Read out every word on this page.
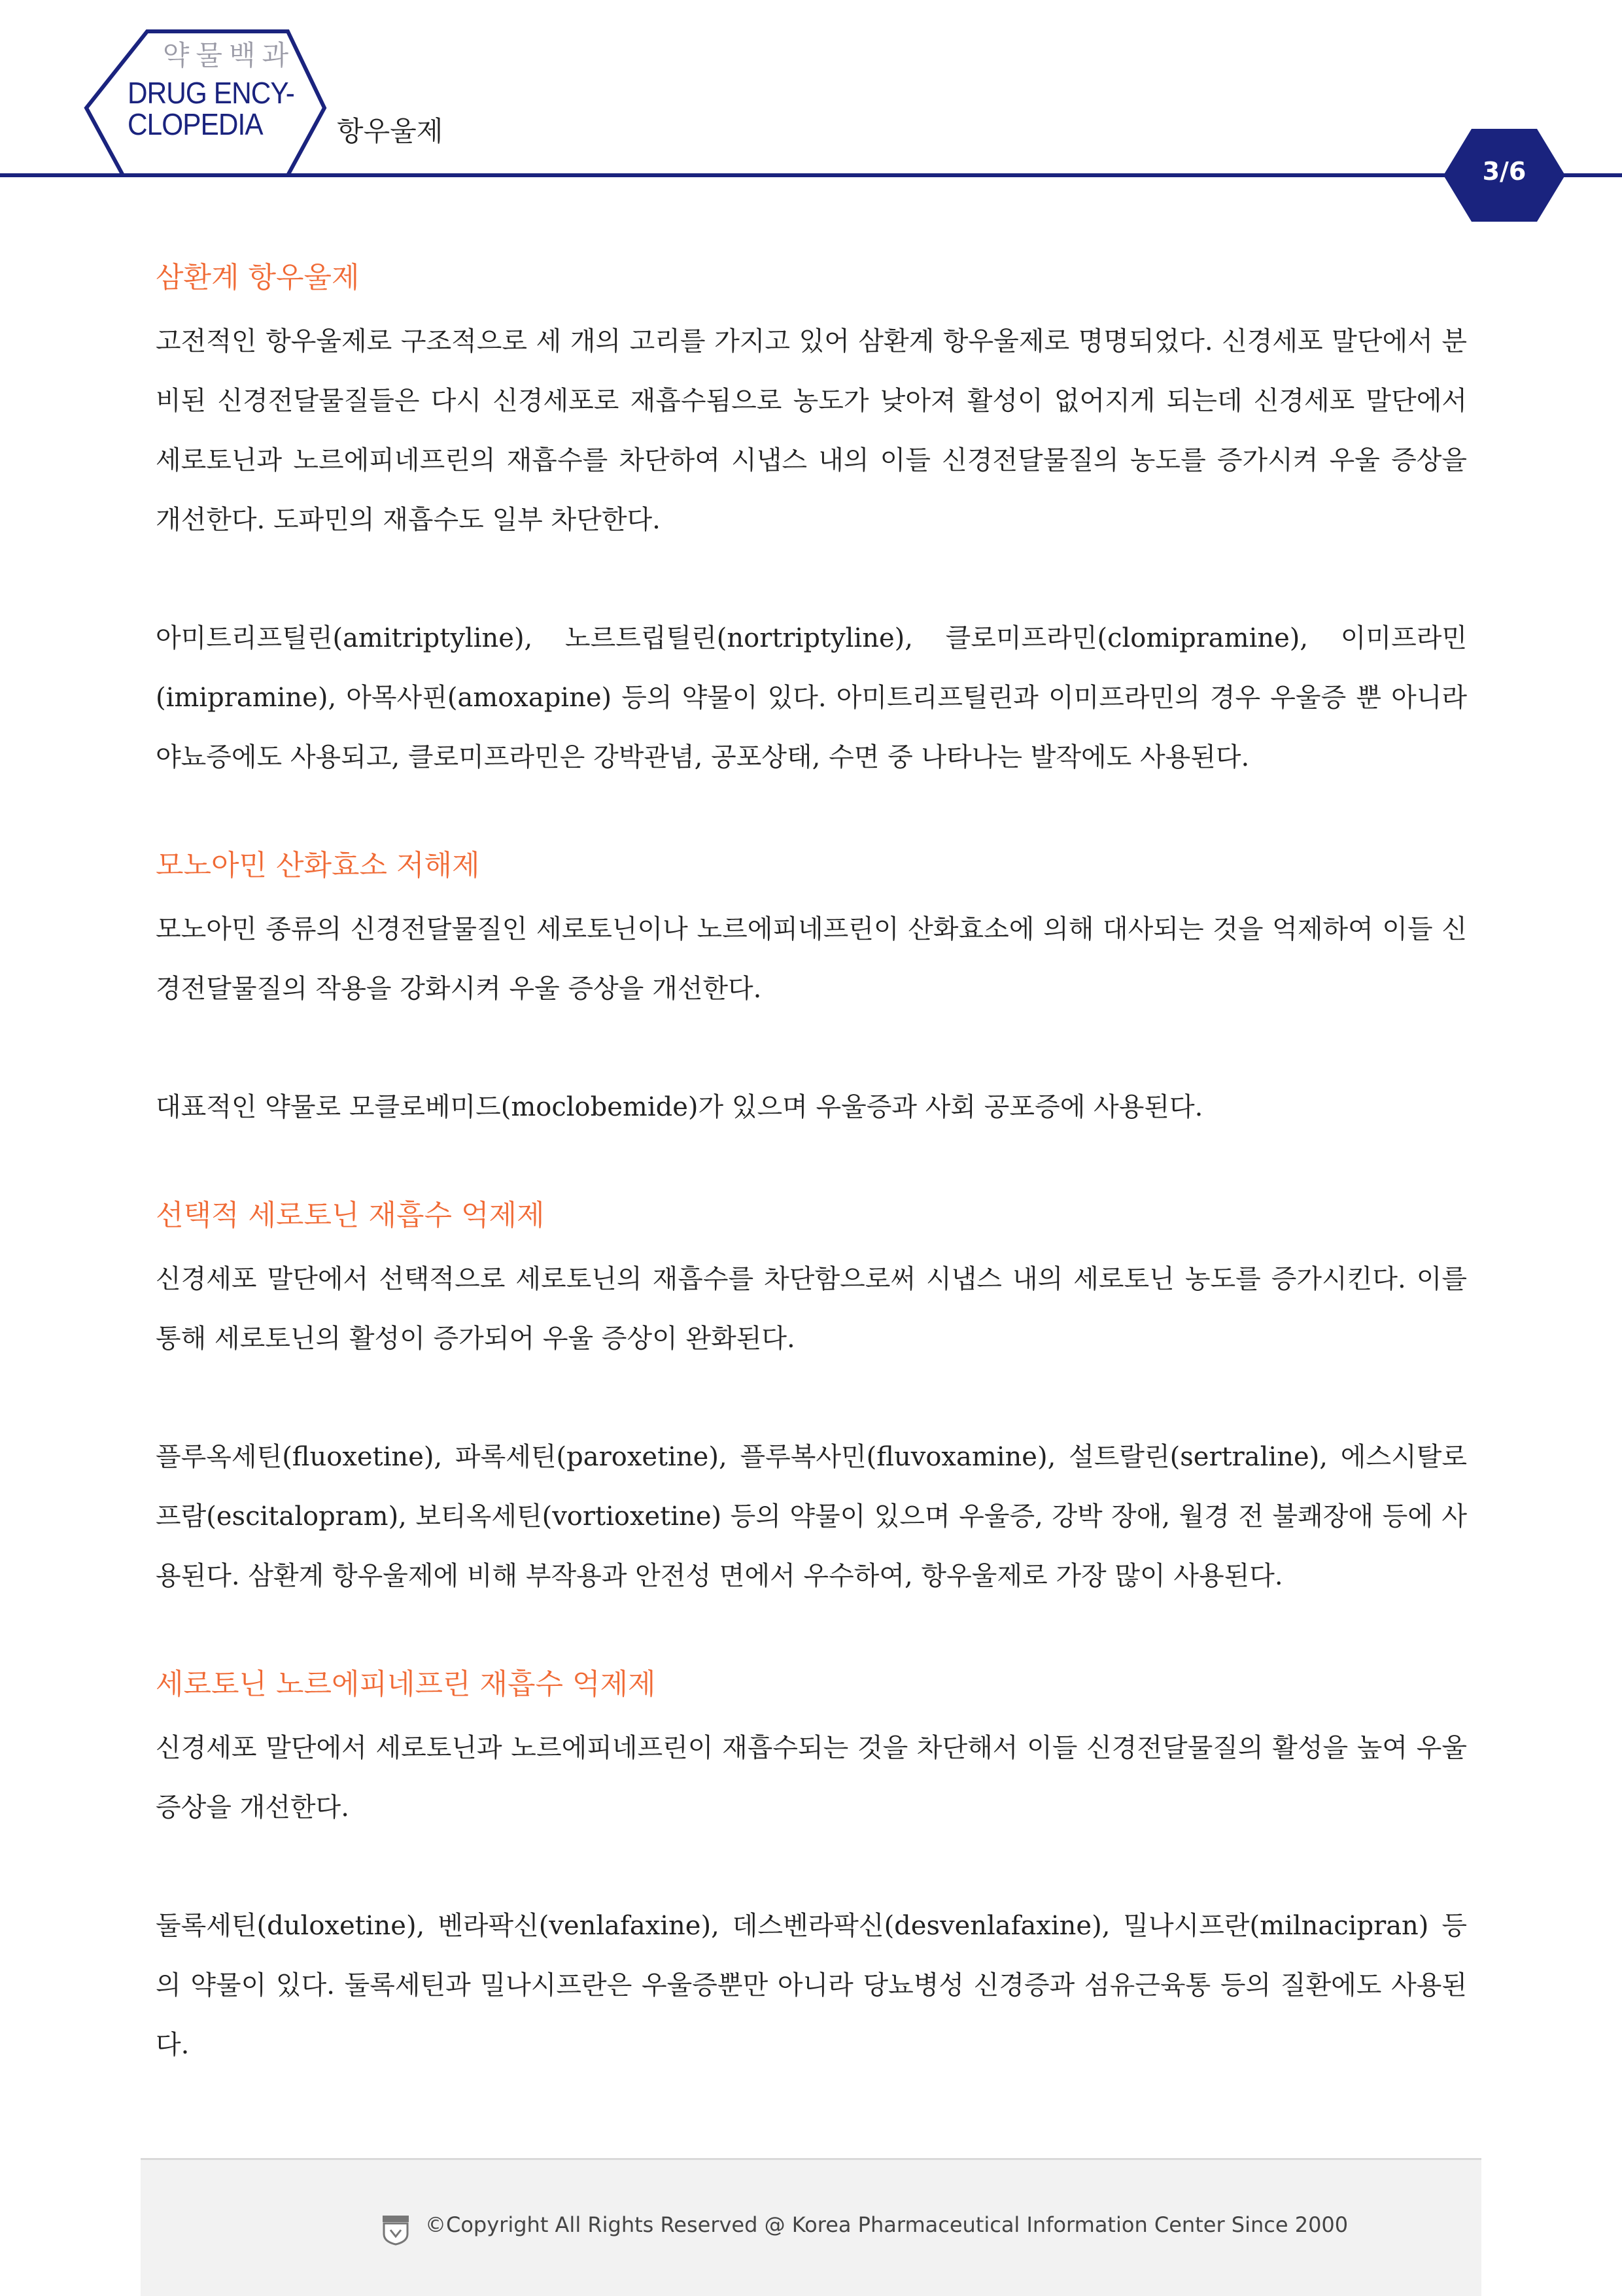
약물백과
DRUG ENCY-
CLOPEDIA	항우울제
3/6
삼환계 항우울제

고전적인 항우울제로 구조적으로 세 개의 고리를 가지고 있어 삼환계 항우울제로 명명되었다. 신경세포 말단에서 분비된 신경전달물질들은 다시 신경세포로 재흡수됨으로 농도가 낮아져 활성이 없어지게 되는데 신경세포 말단에서 세로토닌과 노르에피네프린의 재흡수를 차단하여 시냅스 내의 이들 신경전달물질의 농도를 증가시켜 우울 증상을 개선한다. 도파민의 재흡수도 일부 차단한다.

아미트리프틸린(amitriptyline), 노르트립틸린(nortriptyline), 클로미프라민(clomipramine), 이미프라민(imipramine), 아목사핀(amoxapine) 등의 약물이 있다. 아미트리프틸린과 이미프라민의 경우 우울증 뿐 아니라 야뇨증에도 사용되고, 클로미프라민은 강박관념, 공포상태, 수면 중 나타나는 발작에도 사용된다.

모노아민 산화효소 저해제

모노아민 종류의 신경전달물질인 세로토닌이나 노르에피네프린이 산화효소에 의해 대사되는 것을 억제하여 이들 신경전달물질의 작용을 강화시켜 우울 증상을 개선한다.

대표적인 약물로 모클로베미드(moclobemide)가 있으며 우울증과 사회 공포증에 사용된다.

선택적 세로토닌 재흡수 억제제

신경세포 말단에서 선택적으로 세로토닌의 재흡수를 차단함으로써 시냅스 내의 세로토닌 농도를 증가시킨다. 이를 통해 세로토닌의 활성이 증가되어 우울 증상이 완화된다.

플루옥세틴(fluoxetine), 파록세틴(paroxetine), 플루복사민(fluvoxamine), 설트랄린(sertraline), 에스시탈로프람(escitalopram), 보티옥세틴(vortioxetine) 등의 약물이 있으며 우울증, 강박 장애, 월경 전 불쾌장애 등에 사용된다. 삼환계 항우울제에 비해 부작용과 안전성 면에서 우수하여, 항우울제로 가장 많이 사용된다.

세로토닌 노르에피네프린 재흡수 억제제

신경세포 말단에서 세로토닌과 노르에피네프린이 재흡수되는 것을 차단해서 이들 신경전달물질의 활성을 높여 우울 증상을 개선한다.

둘록세틴(duloxetine), 벤라팍신(venlafaxine), 데스벤라팍신(desvenlafaxine), 밀나시프란(milnacipran) 등의 약물이 있다. 둘록세틴과 밀나시프란은 우울증뿐만 아니라 당뇨병성 신경증과 섬유근육통 등의 질환에도 사용된다.

©Copyright All Rights Reserved @ Korea Pharmaceutical Information Center Since 2000
